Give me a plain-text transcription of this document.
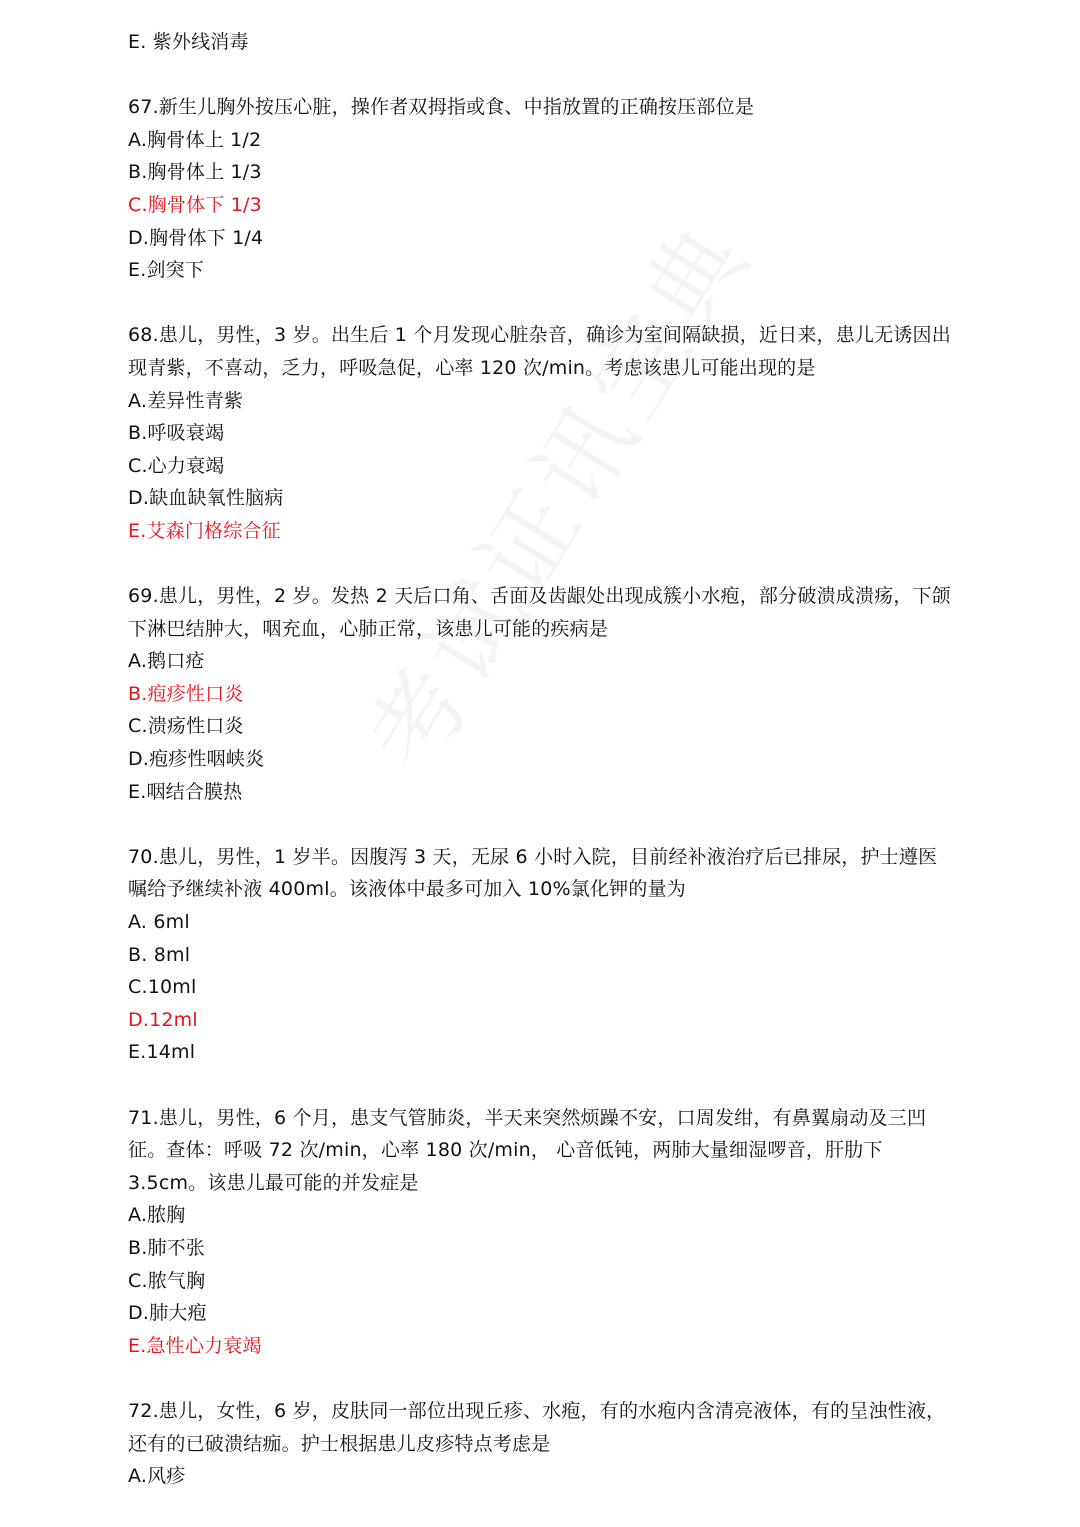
E. 紫外线消毒
67.新生儿胸外按压心脏，操作者双拇指或食、中指放置的正确按压部位是
A.胸骨体上 1/2
B.胸骨体上 1/3
C.胸骨体下 1/3
D.胸骨体下 1/4
E.剑突下
68.患儿，男性，3 岁。出生后 1 个月发现心脏杂音，确诊为室间隔缺损，近日来，患儿无诱因出现青紫，不喜动，乏力，呼吸急促，心率 120 次/min。考虑该患儿可能出现的是
A.差异性青紫
B.呼吸衰竭
C.心力衰竭
D.缺血缺氧性脑病
E.艾森门格综合征
69.患儿，男性，2 岁。发热 2 天后口角、舌面及齿龈处出现成簇小水疱，部分破溃成溃疡，下颌下淋巴结肿大，咽充血，心肺正常，该患儿可能的疾病是
A.鹅口疮
B.疱疹性口炎
C.溃疡性口炎
D.疱疹性咽峡炎
E.咽结合膜热
70.患儿，男性，1 岁半。因腹泻 3 天，无尿 6 小时入院，目前经补液治疗后已排尿，护士遵医嘱给予继续补液 400ml。该液体中最多可加入 10%氯化钾的量为
A. 6ml
B. 8ml
C.10ml
D.12ml
E.14ml
71.患儿，男性，6 个月，患支气管肺炎，半天来突然烦躁不安，口周发绀，有鼻翼扇动及三凹征。查体：呼吸 72 次/min，心率 180 次/min， 心音低钝，两肺大量细湿啰音，肝肋下 3.5cm。该患儿最可能的并发症是
A.脓胸
B.肺不张
C.脓气胸
D.肺大疱
E.急性心力衰竭
72.患儿，女性，6 岁，皮肤同一部位出现丘疹、水疱，有的水疱内含清亮液体，有的呈浊性液，还有的已破溃结痂。护士根据患儿皮疹特点考虑是
A.风疹
